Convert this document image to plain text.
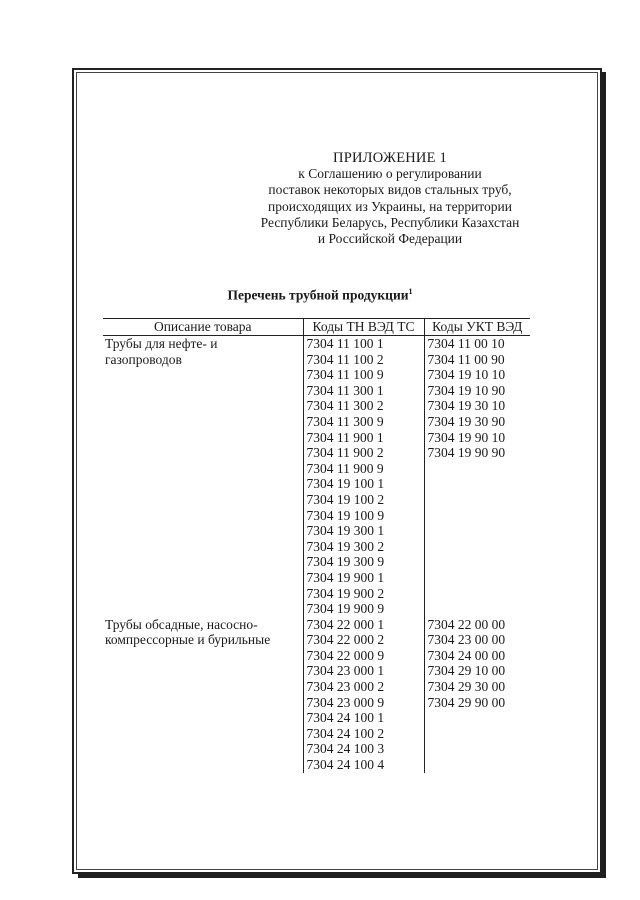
ПРИЛОЖЕНИЕ 1
к Соглашению о регулировании
поставок некоторых видов стальных труб,
происходящих из Украины, на территории
Республики Беларусь, Республики Казахстан
и Российской Федерации
Перечень трубной продукции$^1$
Описание товара	Коды ТН ВЭД ТС	Коды УКТ ВЭД
Трубы для нефте- и	7304 11 100 1	7304 11 00 10
газопроводов	7304 11 100 2	7304 11 00 90
	7304 11 100 9	7304 19 10 10
	7304 11 300 1	7304 19 10 90
	7304 11 300 2	7304 19 30 10
	7304 11 300 9	7304 19 30 90
	7304 11 900 1	7304 19 90 10
	7304 11 900 2	7304 19 90 90
	7304 11 900 9	
	7304 19 100 1	
	7304 19 100 2	
	7304 19 100 9	
	7304 19 300 1	
	7304 19 300 2	
	7304 19 300 9	
	7304 19 900 1	
	7304 19 900 2	
	7304 19 900 9	
Трубы обсадные, насосно-	7304 22 000 1	7304 22 00 00
компрессорные и бурильные	7304 22 000 2	7304 23 00 00
	7304 22 000 9	7304 24 00 00
	7304 23 000 1	7304 29 10 00
	7304 23 000 2	7304 29 30 00
	7304 23 000 9	7304 29 90 00
	7304 24 100 1	
	7304 24 100 2	
	7304 24 100 3	
	7304 24 100 4	
